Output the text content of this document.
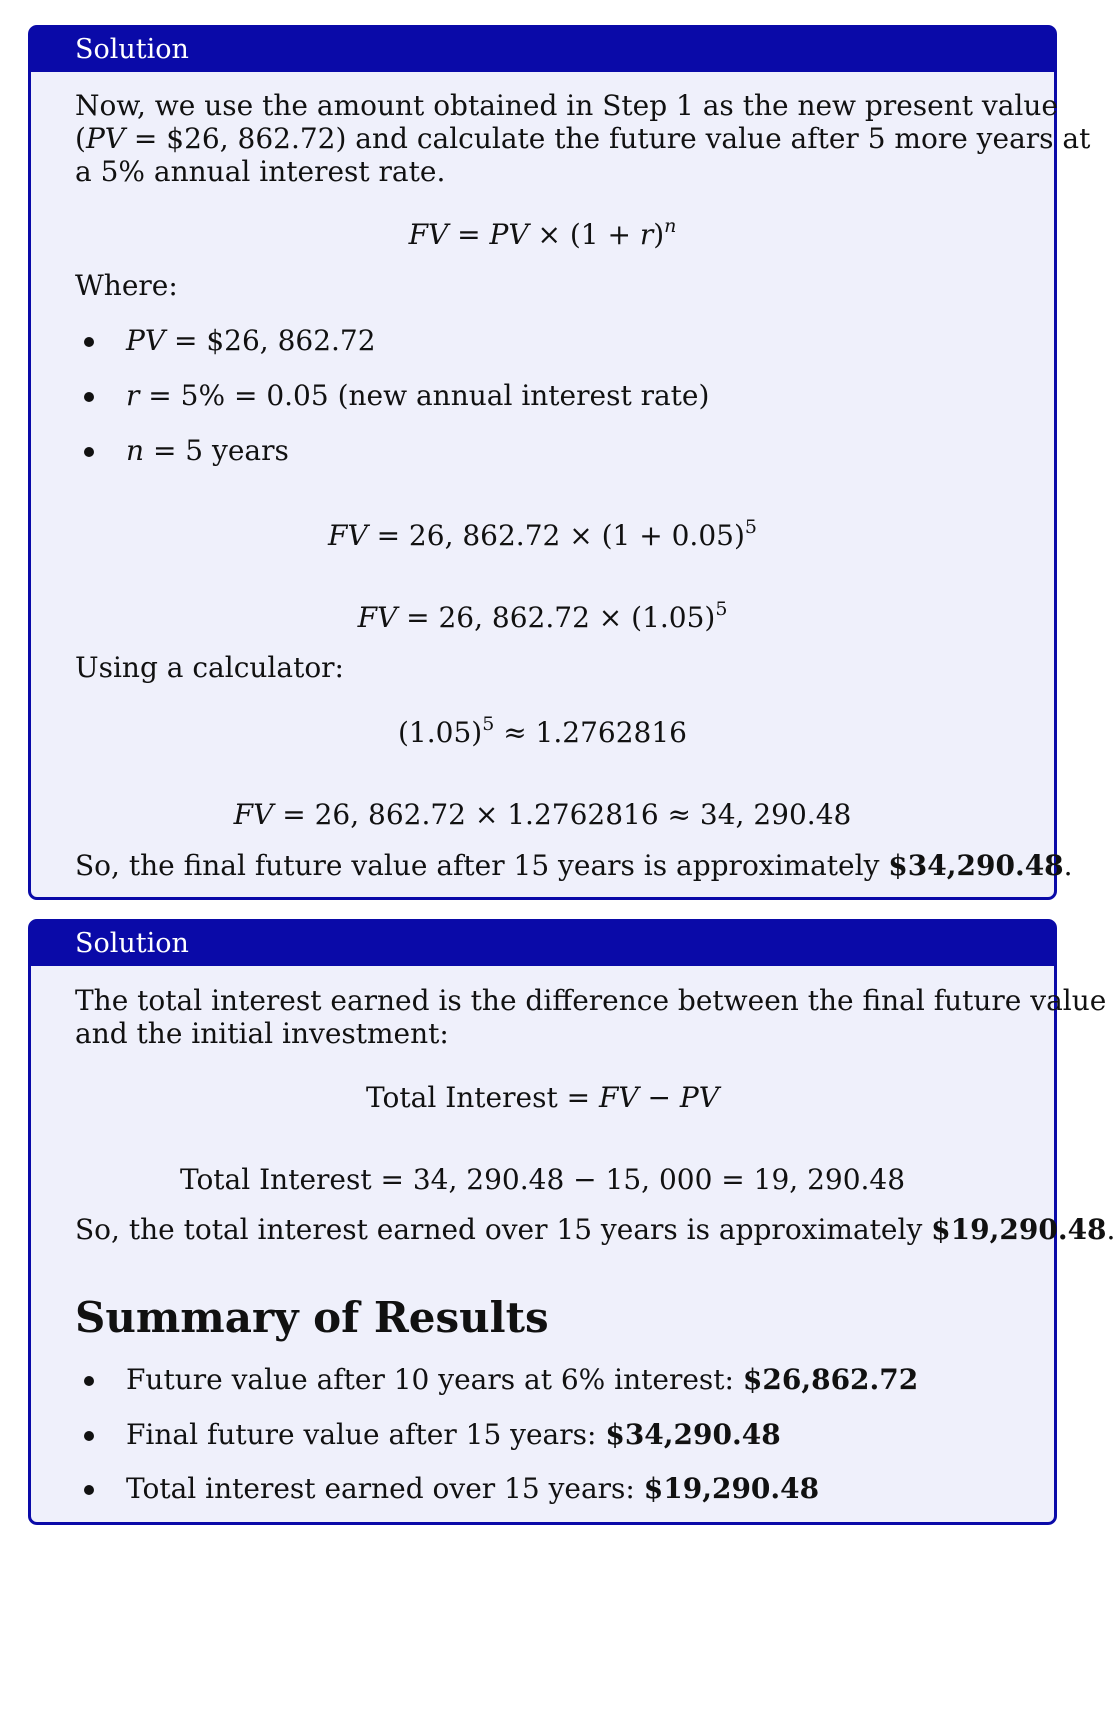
Solution
Now, we use the amount obtained in Step 1 as the new present value
(PV = $26, 862.72) and calculate the future value after 5 more years at
a 5% annual interest rate.
FV = PV × $(1 + r)^n$
Where:
PV = $26, 862.72
r = 5% = 0.05 (new annual interest rate)
n = 5 years
FV = 26, $862.72 \times (1 + 0.05)^5$
FV = 26, $862.72 \times (1.05)^5$
Using a calculator:
$(1.05)^5 \approx 1.2762816$
FV = 26, 862.72 × 1.2762816 ≈ 34, 290.48
So, the final future value after 15 years is approximately $34,290.48.
Solution
The total interest earned is the difference between the final future value
and the initial investment:
Total Interest = FV − PV
Total Interest = 34, 290.48 − 15, 000 = 19, 290.48
So, the total interest earned over 15 years is approximately $19,290.48.
Summary of Results
Future value after 10 years at 6% interest: $26,862.72
Final future value after 15 years: $34,290.48
Total interest earned over 15 years: $19,290.48
